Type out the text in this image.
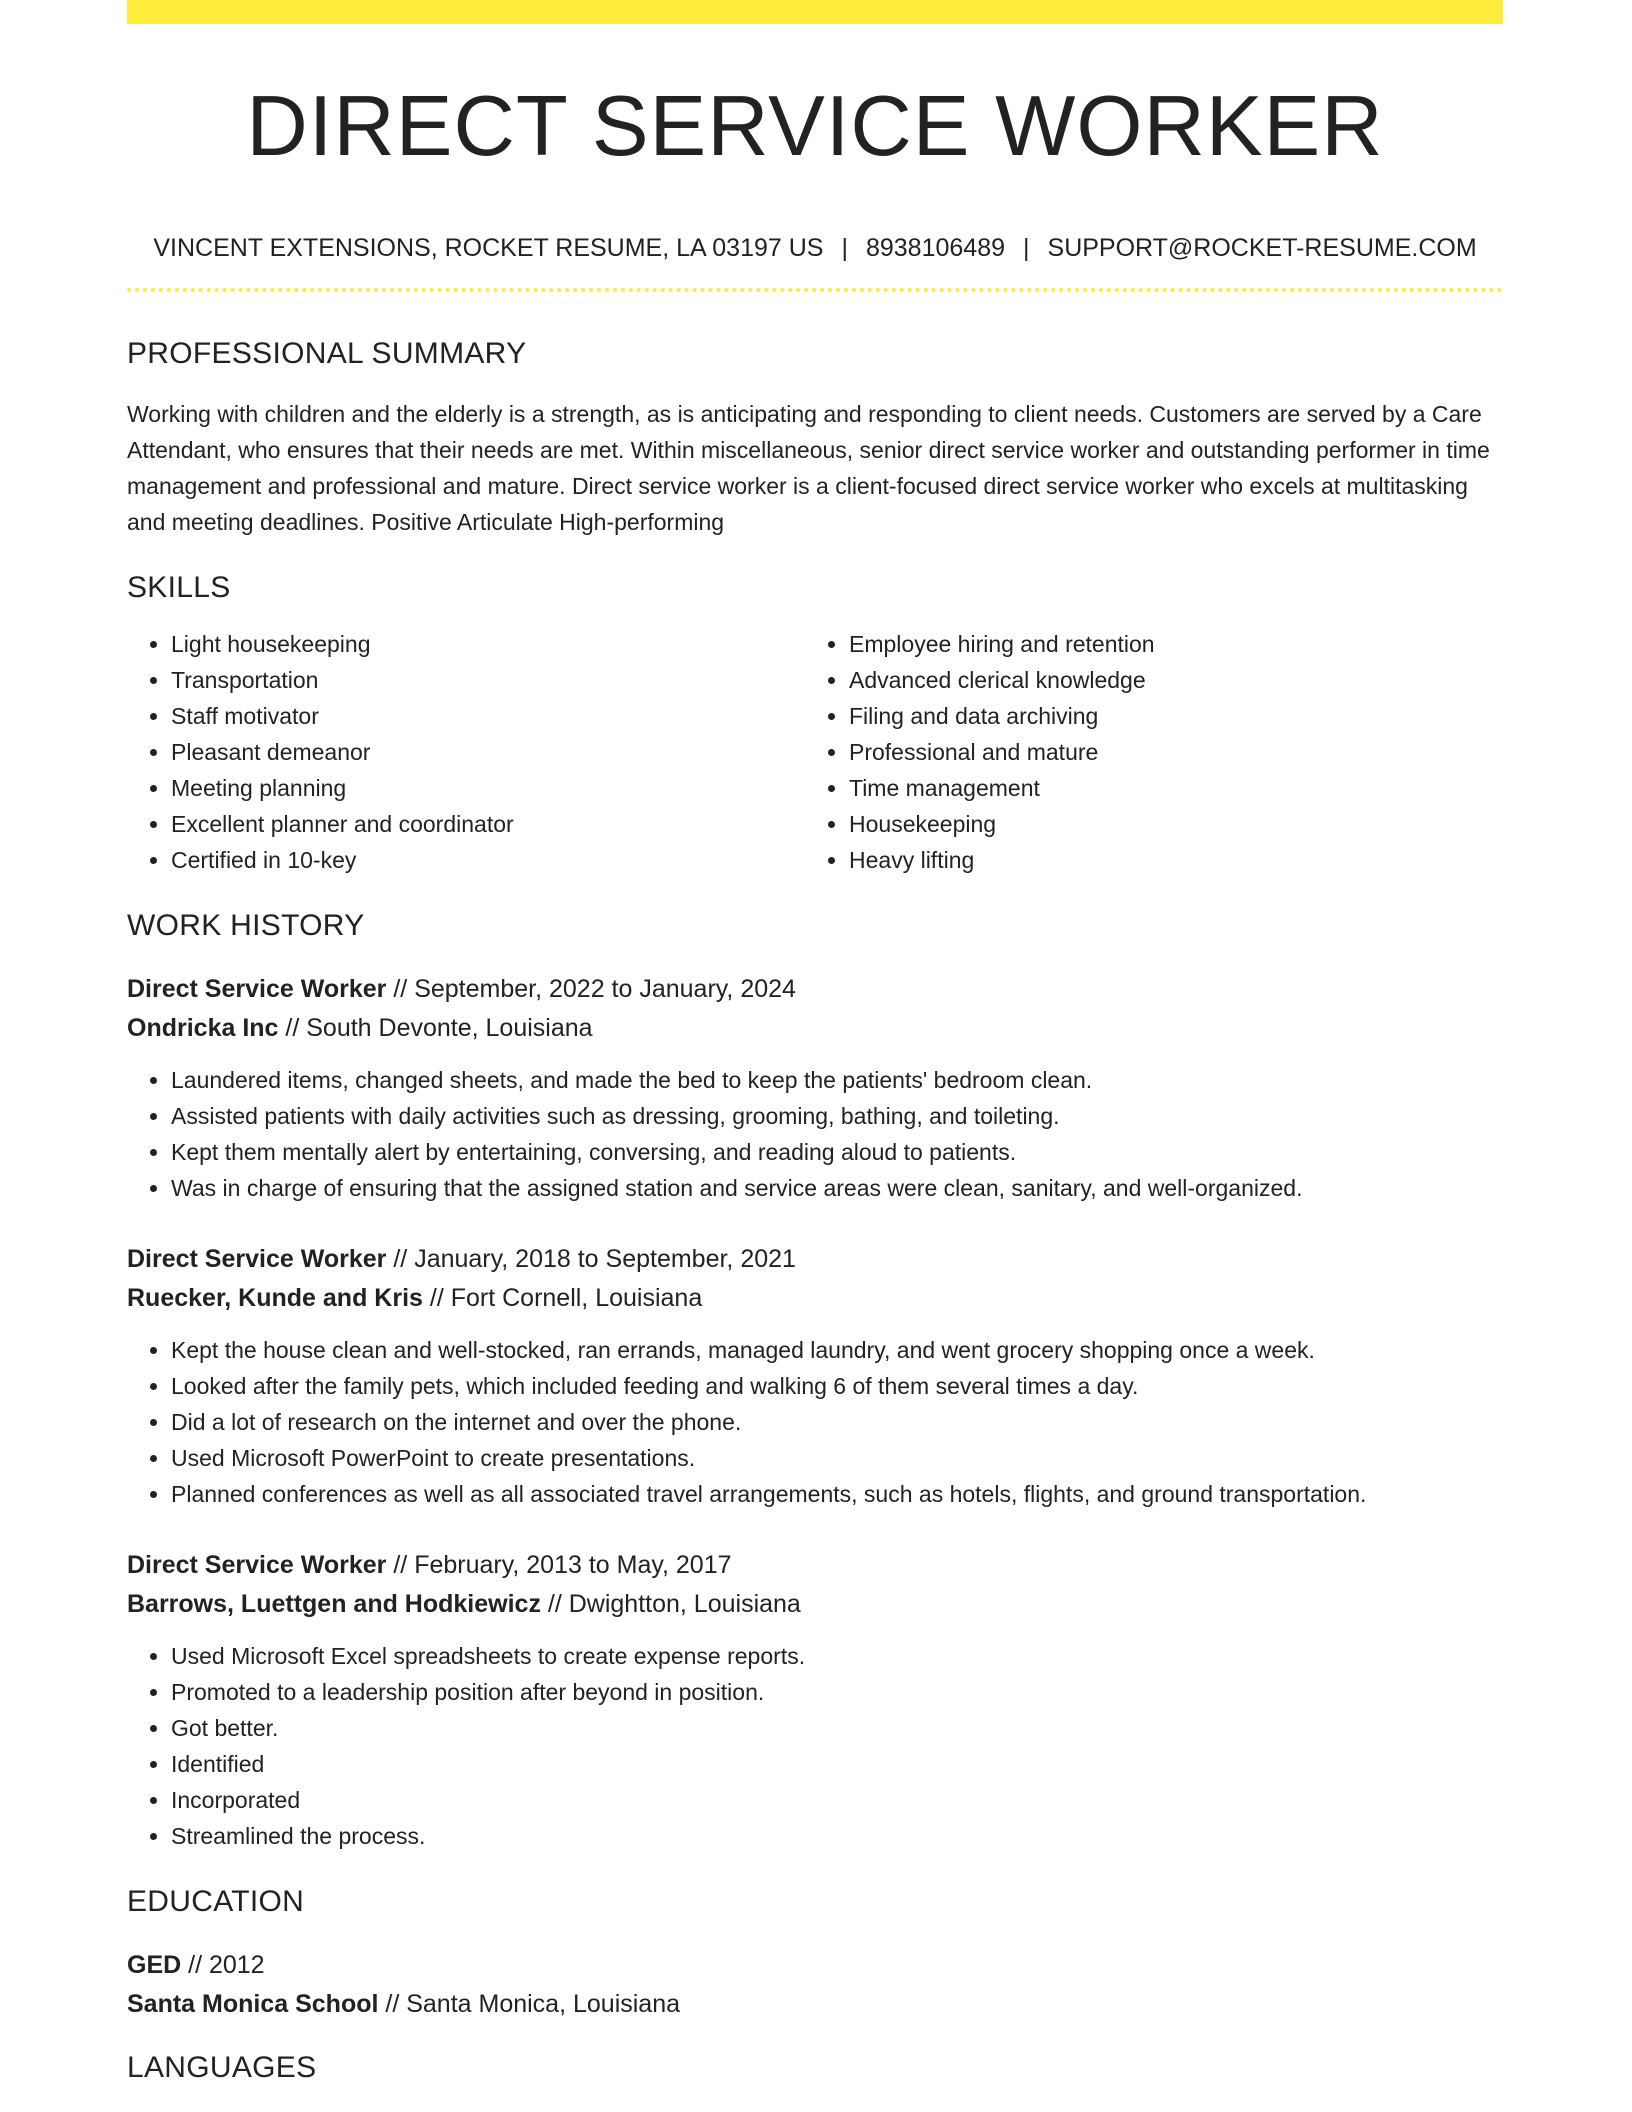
DIRECT SERVICE WORKER
VINCENT EXTENSIONS, ROCKET RESUME, LA 03197 US | 8938106489 | SUPPORT@ROCKET-RESUME.COM
PROFESSIONAL SUMMARY

Working with children and the elderly is a strength, as is anticipating and responding to client needs. Customers are served by a Care Attendant, who ensures that their needs are met. Within miscellaneous, senior direct service worker and outstanding performer in time management and professional and mature. Direct service worker is a client-focused direct service worker who excels at multitasking and meeting deadlines. Positive Articulate High-performing

SKILLS
• Light housekeeping
• Transportation
• Staff motivator
• Pleasant demeanor
• Meeting planning
• Excellent planner and coordinator
• Certified in 10-key
• Employee hiring and retention
• Advanced clerical knowledge
• Filing and data archiving
• Professional and mature
• Time management
• Housekeeping
• Heavy lifting
WORK HISTORY
Direct Service Worker // September, 2022 to January, 2024
Ondricka Inc // South Devonte, Louisiana
• Laundered items, changed sheets, and made the bed to keep the patients' bedroom clean.
• Assisted patients with daily activities such as dressing, grooming, bathing, and toileting.
• Kept them mentally alert by entertaining, conversing, and reading aloud to patients.
• Was in charge of ensuring that the assigned station and service areas were clean, sanitary, and well-organized.
Direct Service Worker // January, 2018 to September, 2021
Ruecker, Kunde and Kris // Fort Cornell, Louisiana
• Kept the house clean and well-stocked, ran errands, managed laundry, and went grocery shopping once a week.
• Looked after the family pets, which included feeding and walking 6 of them several times a day.
• Did a lot of research on the internet and over the phone.
• Used Microsoft PowerPoint to create presentations.
• Planned conferences as well as all associated travel arrangements, such as hotels, flights, and ground transportation.
Direct Service Worker // February, 2013 to May, 2017
Barrows, Luettgen and Hodkiewicz // Dwightton, Louisiana
• Used Microsoft Excel spreadsheets to create expense reports.
• Promoted to a leadership position after beyond in position.
• Got better.
• Identified
• Incorporated
• Streamlined the process.
EDUCATION
GED // 2012
Santa Monica School // Santa Monica, Louisiana
LANGUAGES
